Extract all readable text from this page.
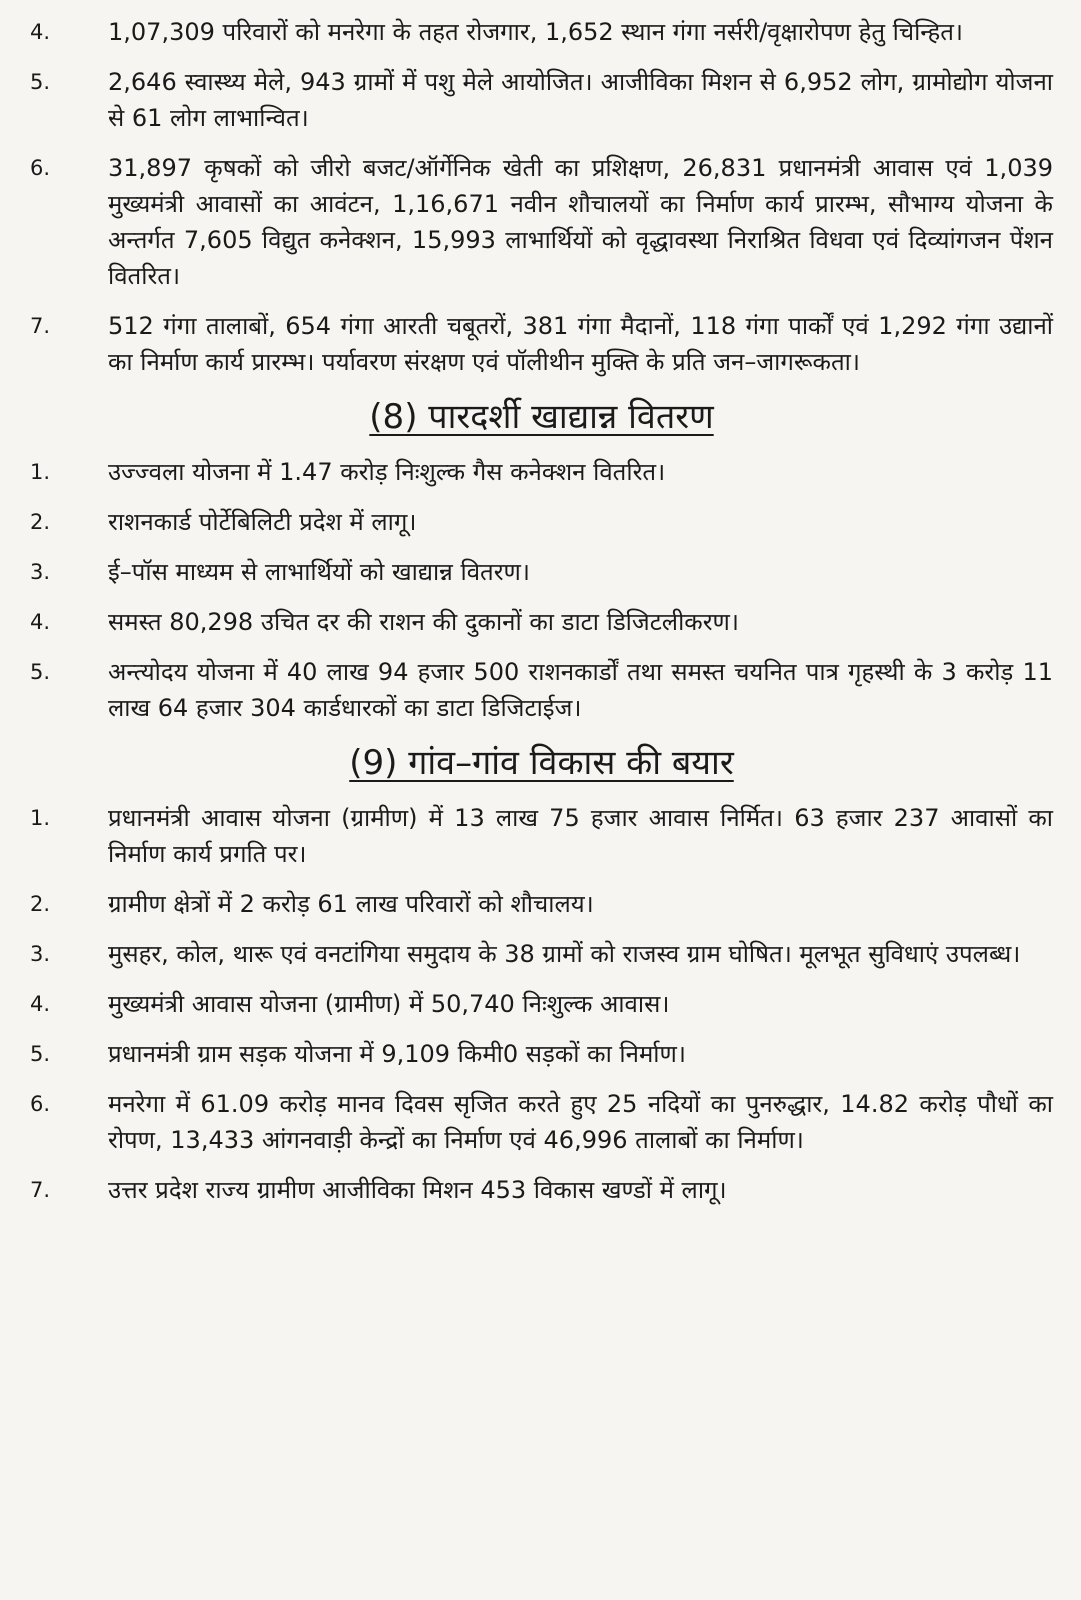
4.	1,07,309 परिवारों को मनरेगा के तहत रोजगार, 1,652 स्थान गंगा नर्सरी/वृक्षारोपण हेतु चिन्हित।
5.	2,646 स्वास्थ्य मेले, 943 ग्रामों में पशु मेले आयोजित। आजीविका मिशन से 6,952 लोग, ग्रामोद्योग योजना से 61 लोग लाभान्वित।
6.	31,897 कृषकों को जीरो बजट/ऑर्गेनिक खेती का प्रशिक्षण, 26,831 प्रधानमंत्री आवास एवं 1,039 मुख्यमंत्री आवासों का आवंटन, 1,16,671 नवीन शौचालयों का निर्माण कार्य प्रारम्भ, सौभाग्य योजना के अन्तर्गत 7,605 विद्युत कनेक्शन, 15,993 लाभार्थियों को वृद्धावस्था निराश्रित विधवा एवं दिव्यांगजन पेंशन वितरित।
7.	512 गंगा तालाबों, 654 गंगा आरती चबूतरों, 381 गंगा मैदानों, 118 गंगा पार्कों एवं 1,292 गंगा उद्यानों का निर्माण कार्य प्रारम्भ। पर्यावरण संरक्षण एवं पॉलीथीन मुक्ति के प्रति जन–जागरूकता।
(8) पारदर्शी खाद्यान्न वितरण
1.	उज्ज्वला योजना में 1.47 करोड़ निःशुल्क गैस कनेक्शन वितरित।
2.	राशनकार्ड पोर्टेबिलिटी प्रदेश में लागू।
3.	ई–पॉस माध्यम से लाभार्थियों को खाद्यान्न वितरण।
4.	समस्त 80,298 उचित दर की राशन की दुकानों का डाटा डिजिटलीकरण।
5.	अन्त्योदय योजना में 40 लाख 94 हजार 500 राशनकार्डों तथा समस्त चयनित पात्र गृहस्थी के 3 करोड़ 11 लाख 64 हजार 304 कार्डधारकों का डाटा डिजिटाईज।
(9) गांव–गांव विकास की बयार
1.	प्रधानमंत्री आवास योजना (ग्रामीण) में 13 लाख 75 हजार आवास निर्मित। 63 हजार 237 आवासों का निर्माण कार्य प्रगति पर।
2.	ग्रामीण क्षेत्रों में 2 करोड़ 61 लाख परिवारों को शौचालय।
3.	मुसहर, कोल, थारू एवं वनटांगिया समुदाय के 38 ग्रामों को राजस्व ग्राम घोषित। मूलभूत सुविधाएं उपलब्ध।
4.	मुख्यमंत्री आवास योजना (ग्रामीण) में 50,740 निःशुल्क आवास।
5.	प्रधानमंत्री ग्राम सड़क योजना में 9,109 किमी0 सड़कों का निर्माण।
6.	मनरेगा में 61.09 करोड़ मानव दिवस सृजित करते हुए 25 नदियों का पुनरुद्धार, 14.82 करोड़ पौधों का रोपण, 13,433 आंगनवाड़ी केन्द्रों का निर्माण एवं 46,996 तालाबों का निर्माण।
7.	उत्तर प्रदेश राज्य ग्रामीण आजीविका मिशन 453 विकास खण्डों में लागू।
